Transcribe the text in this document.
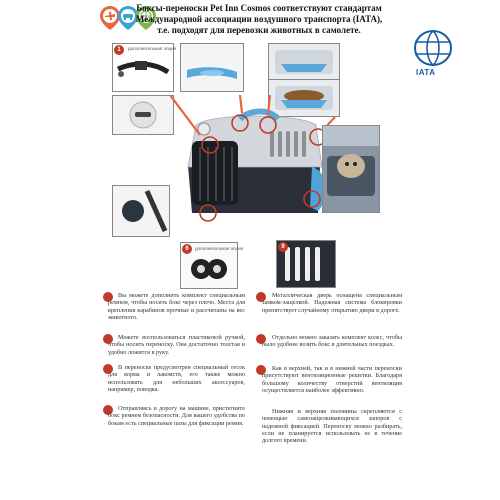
Боксы-переноски Pet Inn Cosmos соответствуют стандартам
Международной ассоциации воздушного транспорта (IATA),
т.е. подходят для перевозки животных в самолете.
IATA
1	дополнительная опция
6	дополнительная опция	9
Вы можете дополнить комплект специальным ремнем, чтобы носить бокс через плечо. Места для крепления карабинов прочные и рассчитаны на вес животного.
Можете воспользоваться пластиковой ручкой, чтобы носить переноску. Она достаточно толстая и удобно ложится в руку.
В переноске предусмотрен специальный отсек для корма и лакомств, его также можно использовать для небольших аксессуаров, например, поводка.
Отправляясь в дорогу на машине, пристегните бокс ремнем безопасности. Для вашего удобства по бокам есть специальные пазы для фиксации ремня.
Металлическая дверь оснащена специальным замком-защелкой. Надежная система блокировки препятствует случайному открытию двери в дороге.
Отдельно можно заказать комплект колес, чтобы было удобнее возить бокс в длительных поездках.
Как в верхней, так и в нижней части переноски присутствуют вентиляционные решетки. Благодаря большому количеству отверстий вентиляция осуществляется наиболее эффективно.
Нижняя и верхняя половины скрепляются с помощью самозащелкивающихся запоров с надежной фиксацией. Переноску можно разбирать, если не планируется использовать ее в течение долгого времени.
